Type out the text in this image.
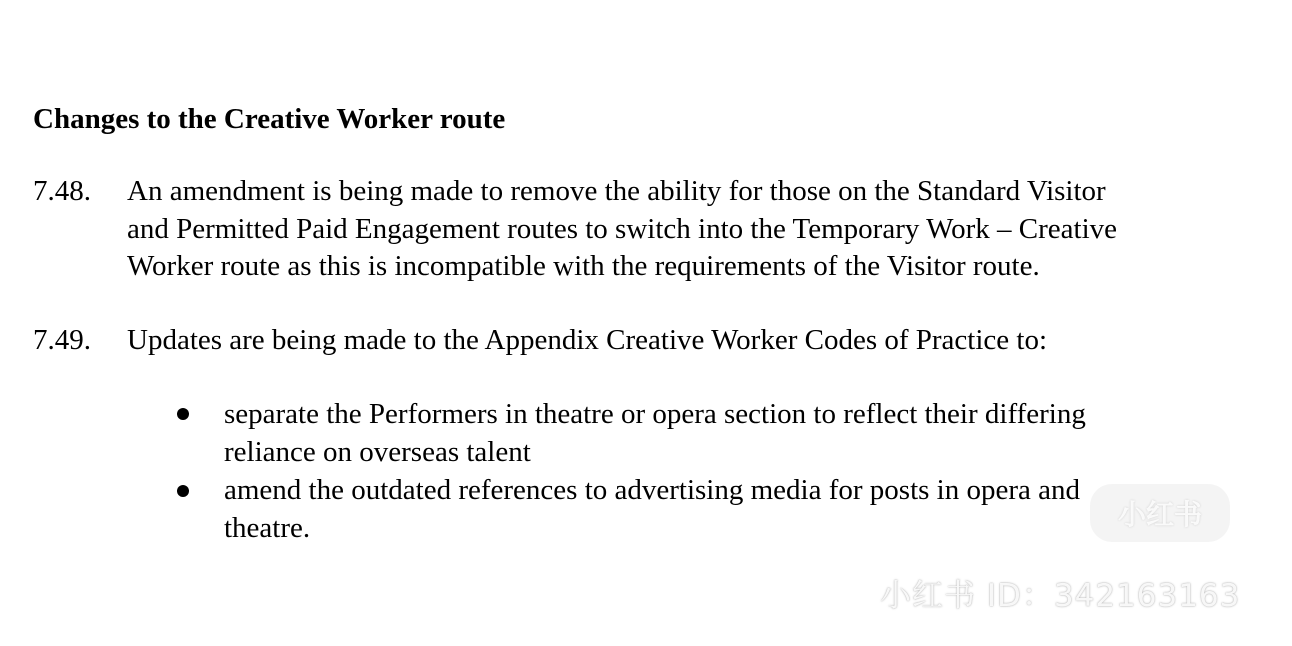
Changes to the Creative Worker route
7.48. An amendment is being made to remove the ability for those on the Standard Visitor
and Permitted Paid Engagement routes to switch into the Temporary Work – Creative
Worker route as this is incompatible with the requirements of the Visitor route.
7.49. Updates are being made to the Appendix Creative Worker Codes of Practice to:
separate the Performers in theatre or opera section to reflect their differing
reliance on overseas talent
amend the outdated references to advertising media for posts in opera and
theatre.	小红书
小红书 ID：342163163
